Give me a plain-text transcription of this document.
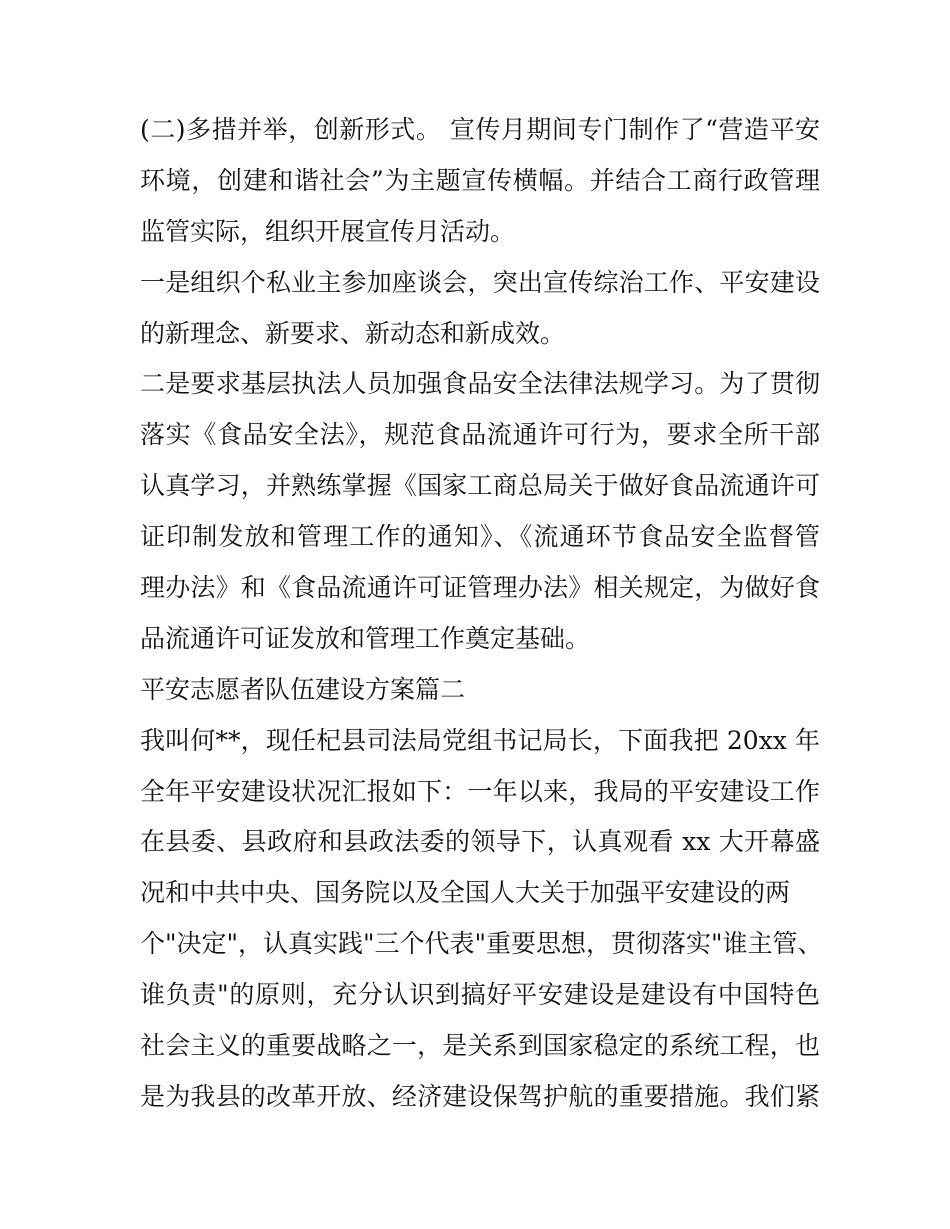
(二)多措并举，创新形式。 宣传月期间专门制作了“营造平安
环境，创建和谐社会”为主题宣传横幅。并结合工商行政管理
监管实际，组织开展宣传月活动。
一是组织个私业主参加座谈会，突出宣传综治工作、平安建设
的新理念、新要求、新动态和新成效。
二是要求基层执法人员加强食品安全法律法规学习。为了贯彻
落实《食品安全法》，规范食品流通许可行为，要求全所干部
认真学习，并熟练掌握《国家工商总局关于做好食品流通许可
证印制发放和管理工作的通知》、《流通环节食品安全监督管
理办法》和《食品流通许可证管理办法》相关规定，为做好食
品流通许可证发放和管理工作奠定基础。
平安志愿者队伍建设方案篇二
我叫何**，现任杞县司法局党组书记局长，下面我把 20xx 年
全年平安建设状况汇报如下：一年以来，我局的平安建设工作
在县委、县政府和县政法委的领导下，认真观看 xx 大开幕盛
况和中共中央、国务院以及全国人大关于加强平安建设的两
个"决定"，认真实践"三个代表"重要思想，贯彻落实"谁主管、
谁负责"的原则，充分认识到搞好平安建设是建设有中国特色
社会主义的重要战略之一，是关系到国家稳定的系统工程，也
是为我县的改革开放、经济建设保驾护航的重要措施。我们紧
